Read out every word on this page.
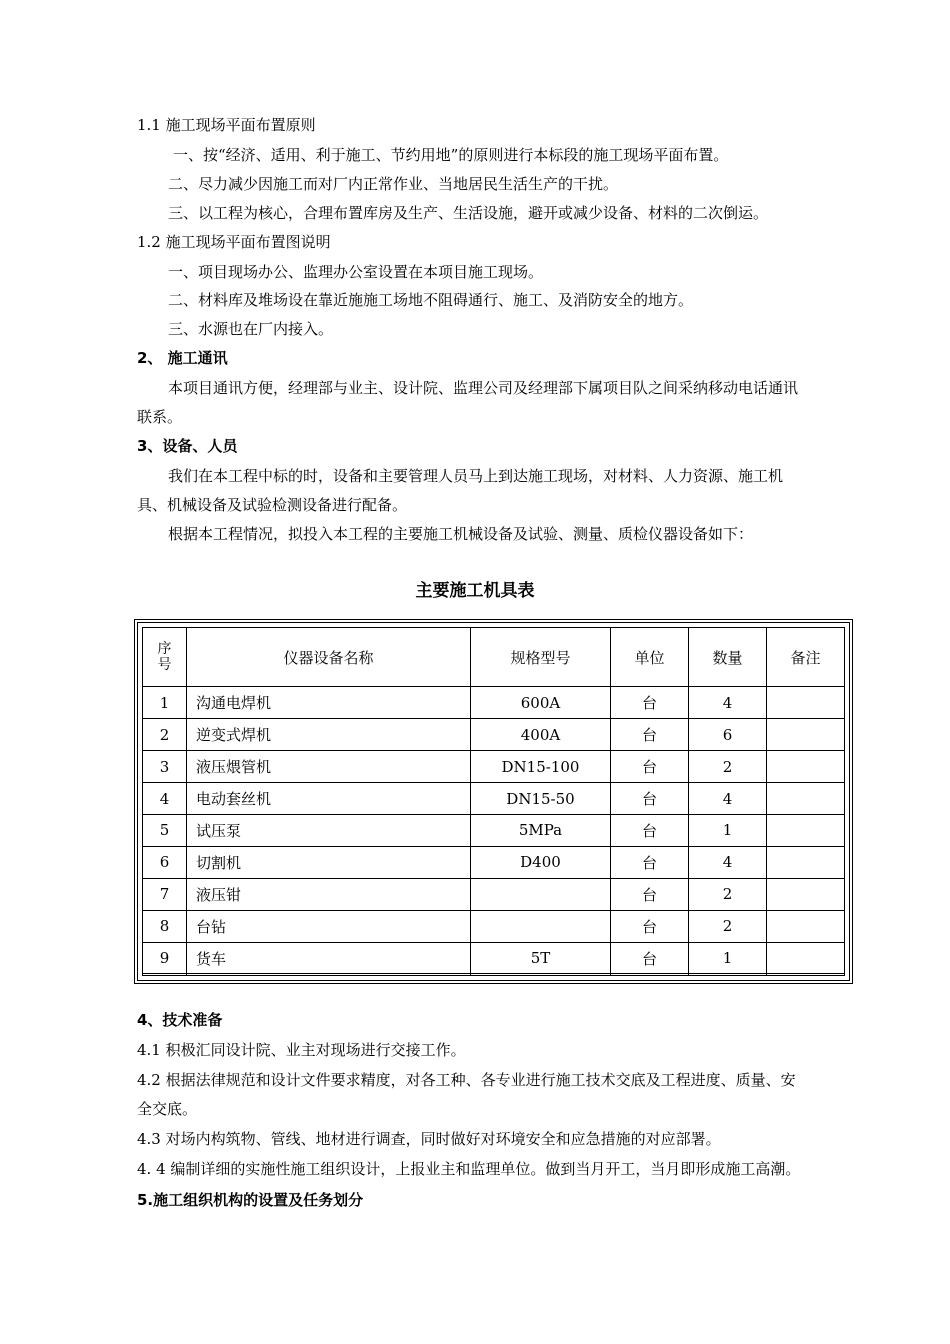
1.1 施工现场平面布置原则
一、按“经济、适用、利于施工、节约用地”的原则进行本标段的施工现场平面布置。
二、尽力减少因施工而对厂内正常作业、当地居民生活生产的干扰。
三、以工程为核心，合理布置库房及生产、生活设施，避开或减少设备、材料的二次倒运。
1.2 施工现场平面布置图说明
一、项目现场办公、监理办公室设置在本项目施工现场。
二、材料库及堆场设在靠近施施工场地不阻碍通行、施工、及消防安全的地方。
三、水源也在厂内接入。
2、 施工通讯
本项目通讯方便，经理部与业主、设计院、监理公司及经理部下属项目队之间采纳移动电话通讯
联系。
3、设备、人员
我们在本工程中标的时，设备和主要管理人员马上到达施工现场，对材料、人力资源、施工机
具、机械设备及试验检测设备进行配备。
根据本工程情况，拟投入本工程的主要施工机械设备及试验、测量、质检仪器设备如下：
主要施工机具表
序
号	仪器设备名称	规格型号	单位	数量	备注
1	沟通电焊机	600A	台	4	
2	逆变式焊机	400A	台	6	
3	液压煨管机	DN15-100	台	2	
4	电动套丝机	DN15-50	台	4	
5	试压泵	5MPa	台	1	
6	切割机	D400	台	4	
7	液压钳		台	2	
8	台钻		台	2	
9	货车	5T	台	1	

4、技术准备
4.1 积极汇同设计院、业主对现场进行交接工作。
4.2 根据法律规范和设计文件要求精度，对各工种、各专业进行施工技术交底及工程进度、质量、安
全交底。
4.3 对场内构筑物、管线、地材进行调查，同时做好对环境安全和应急措施的对应部署。
4. 4 编制详细的实施性施工组织设计，上报业主和监理单位。做到当月开工，当月即形成施工高潮。
5.施工组织机构的设置及任务划分
